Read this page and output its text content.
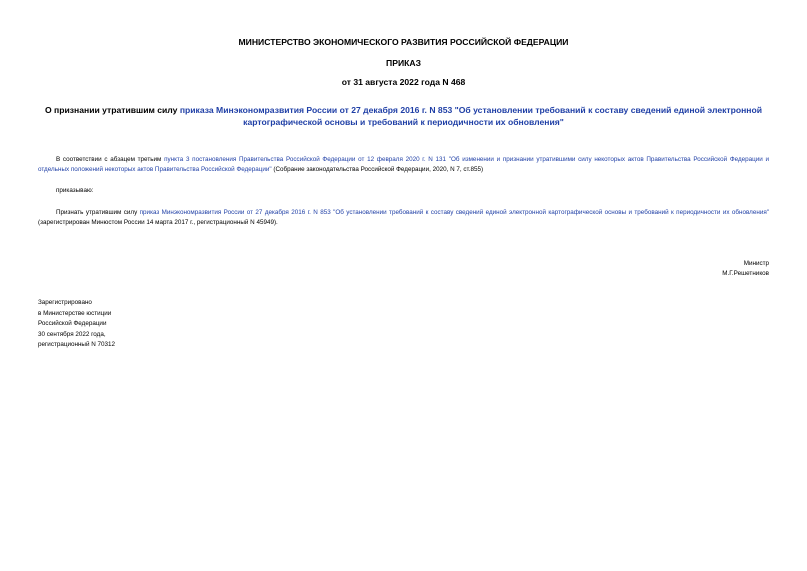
МИНИСТЕРСТВО ЭКОНОМИЧЕСКОГО РАЗВИТИЯ РОССИЙСКОЙ ФЕДЕРАЦИИ
ПРИКАЗ
от 31 августа 2022 года N 468
О признании утратившим силу приказа Минэкономразвития России от 27 декабря 2016 г. N 853 "Об установлении требований к составу сведений единой электронной картографической основы и требований к периодичности их обновления"
В соответствии с абзацем третьим пункта 3 постановления Правительства Российской Федерации от 12 февраля 2020 г. N 131 "Об изменении и признании утратившими силу некоторых актов Правительства Российской Федерации и отдельных положений некоторых актов Правительства Российской Федерации" (Собрание законодательства Российской Федерации, 2020, N 7, ст.855)
приказываю:
Признать утратившим силу приказ Минэкономразвития России от 27 декабря 2016 г. N 853 "Об установлении требований к составу сведений единой электронной картографической основы и требований к периодичности их обновления" (зарегистрирован Минюстом России 14 марта 2017 г., регистрационный N 45949).
Министр
М.Г.Решетников
Зарегистрировано
в Министерстве юстиции
Российской Федерации
30 сентября 2022 года,
регистрационный N 70312
